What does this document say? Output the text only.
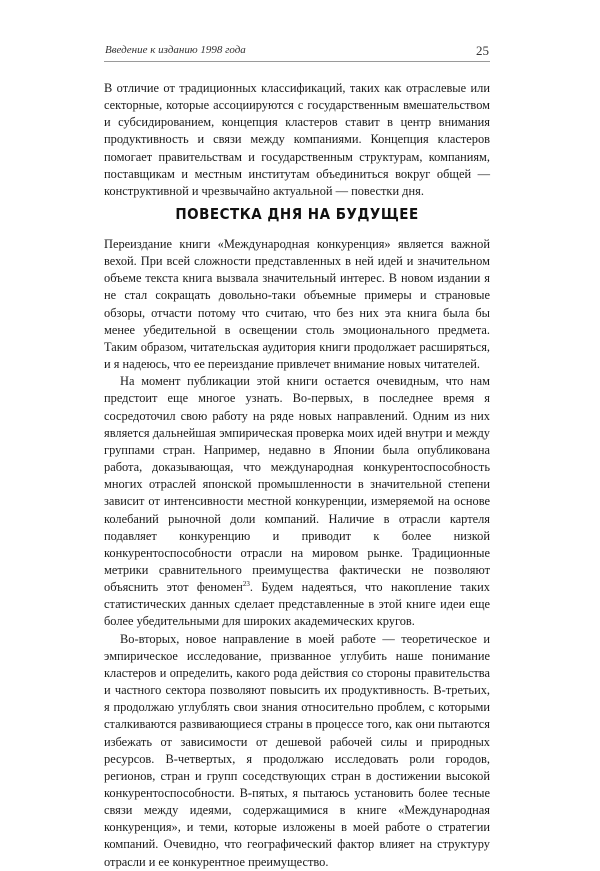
Введение к изданию 1998 года	25

В отличие от традиционных классификаций, таких как отраслевые или секторные, которые ассоциируются с государственным вмешательством и субсидированием, концепция кластеров ставит в центр внимания продуктивность и связи между компаниями. Концепция кластеров помогает правительствам и государственным структурам, компаниям, поставщикам и местным институтам объединиться вокруг общей — конструктивной и чрезвычайно актуальной — повестки дня.

ПОВЕСТКА ДНЯ НА БУДУЩЕЕ

Переиздание книги «Международная конкуренция» является важной вехой. При всей сложности представленных в ней идей и значительном объеме текста книга вызвала значительный интерес. В новом издании я не стал сокращать довольно-таки объемные примеры и страновые обзоры, отчасти потому что считаю, что без них эта книга была бы менее убедительной в освещении столь эмоционального предмета. Таким образом, читательская аудитория книги продолжает расширяться, и я надеюсь, что ее переиздание привлечет внимание новых читателей.

На момент публикации этой книги остается очевидным, что нам предстоит еще многое узнать. Во-первых, в последнее время я сосредоточил свою работу на ряде новых направлений. Одним из них является дальнейшая эмпирическая проверка моих идей внутри и между группами стран. Например, недавно в Японии была опубликована работа, доказывающая, что международная конкурентоспособность многих отраслей японской промышленности в значительной степени зависит от интенсивности местной конкуренции, измеряемой на основе колебаний рыночной доли компаний. Наличие в отрасли картеля подавляет конкуренцию и приводит к более низкой конкурентоспособности отрасли на мировом рынке. Традиционные метрики сравнительного преимущества фактически не позволяют объяснить этот феномен$^{23}$. Будем надеяться, что накопление таких статистических данных сделает представленные в этой книге идеи еще более убедительными для широких академических кругов.

Во-вторых, новое направление в моей работе — теоретическое и эмпирическое исследование, призванное углубить наше понимание кластеров и определить, какого рода действия со стороны правительства и частного сектора позволяют повысить их продуктивность. В-третьих, я продолжаю углублять свои знания относительно проблем, с которыми сталкиваются развивающиеся страны в процессе того, как они пытаются избежать от зависимости от дешевой рабочей силы и природных ресурсов. В-четвертых, я продолжаю исследовать роли городов, регионов, стран и групп соседствующих стран в достижении высокой конкурентоспособности. В-пятых, я пытаюсь установить более тесные связи между идеями, содержащимися в книге «Международная конкуренция», и теми, которые изложены в моей работе о стратегии компаний. Очевидно, что географический фактор влияет на структуру отрасли и ее конкурентное преимущество.
